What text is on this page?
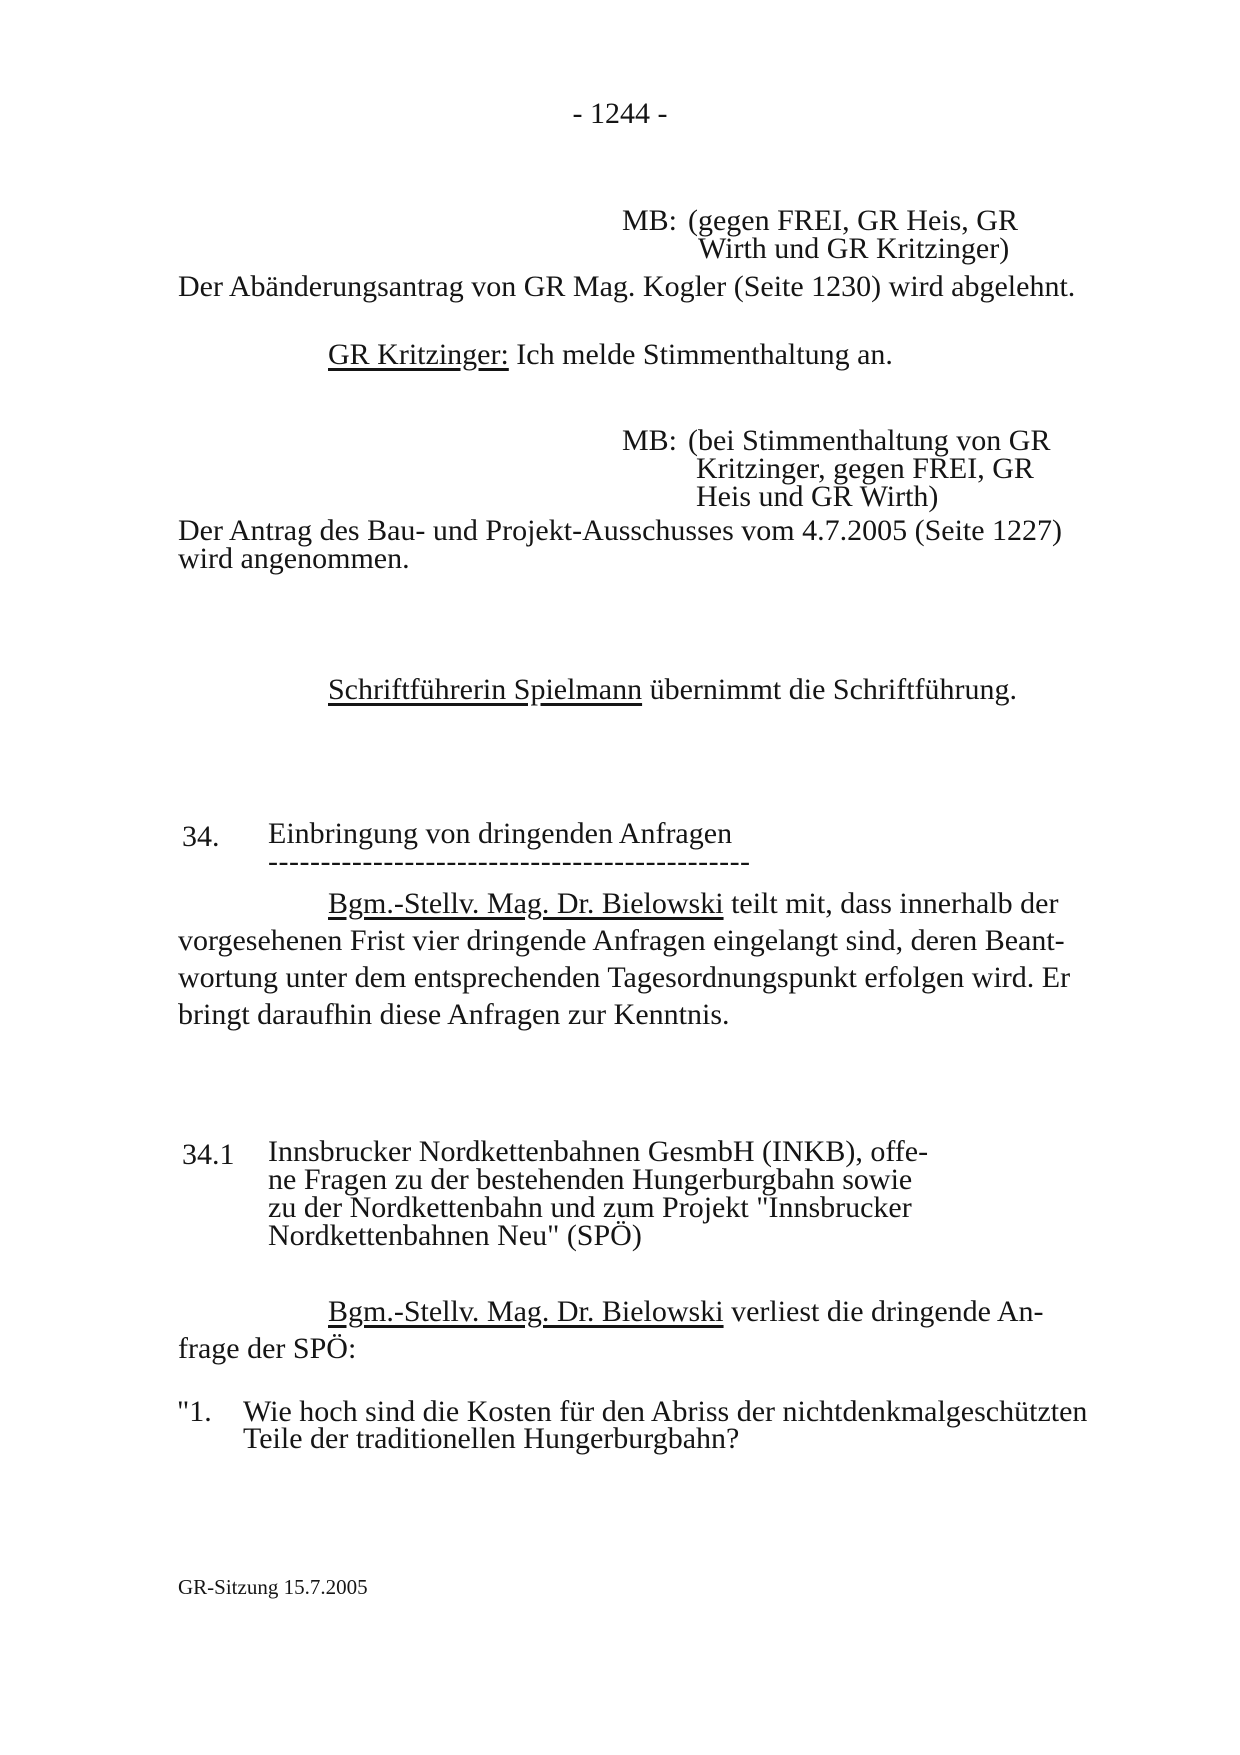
- 1244 -
MB: (gegen FREI, GR Heis, GR
Wirth und GR Kritzinger)
Der Abänderungsantrag von GR Mag. Kogler (Seite 1230) wird abgelehnt.
GR Kritzinger: Ich melde Stimmenthaltung an.
MB: (bei Stimmenthaltung von GR
Kritzinger, gegen FREI, GR
Heis und GR Wirth)
Der Antrag des Bau- und Projekt-Ausschusses vom 4.7.2005 (Seite 1227)
wird angenommen.
Schriftführerin Spielmann übernimmt die Schriftführung.
34. Einbringung von dringenden Anfragen
----------------------------------------------
Bgm.-Stellv. Mag. Dr. Bielowski teilt mit, dass innerhalb der
vorgesehenen Frist vier dringende Anfragen eingelangt sind, deren Beant-
wortung unter dem entsprechenden Tagesordnungspunkt erfolgen wird. Er
bringt daraufhin diese Anfragen zur Kenntnis.
34.1 Innsbrucker Nordkettenbahnen GesmbH (INKB), offe-
ne Fragen zu der bestehenden Hungerburgbahn sowie
zu der Nordkettenbahn und zum Projekt "Innsbrucker
Nordkettenbahnen Neu" (SPÖ)
Bgm.-Stellv. Mag. Dr. Bielowski verliest die dringende An-
frage der SPÖ:
"1. Wie hoch sind die Kosten für den Abriss der nichtdenkmalgeschützten
Teile der traditionellen Hungerburgbahn?
GR-Sitzung 15.7.2005
